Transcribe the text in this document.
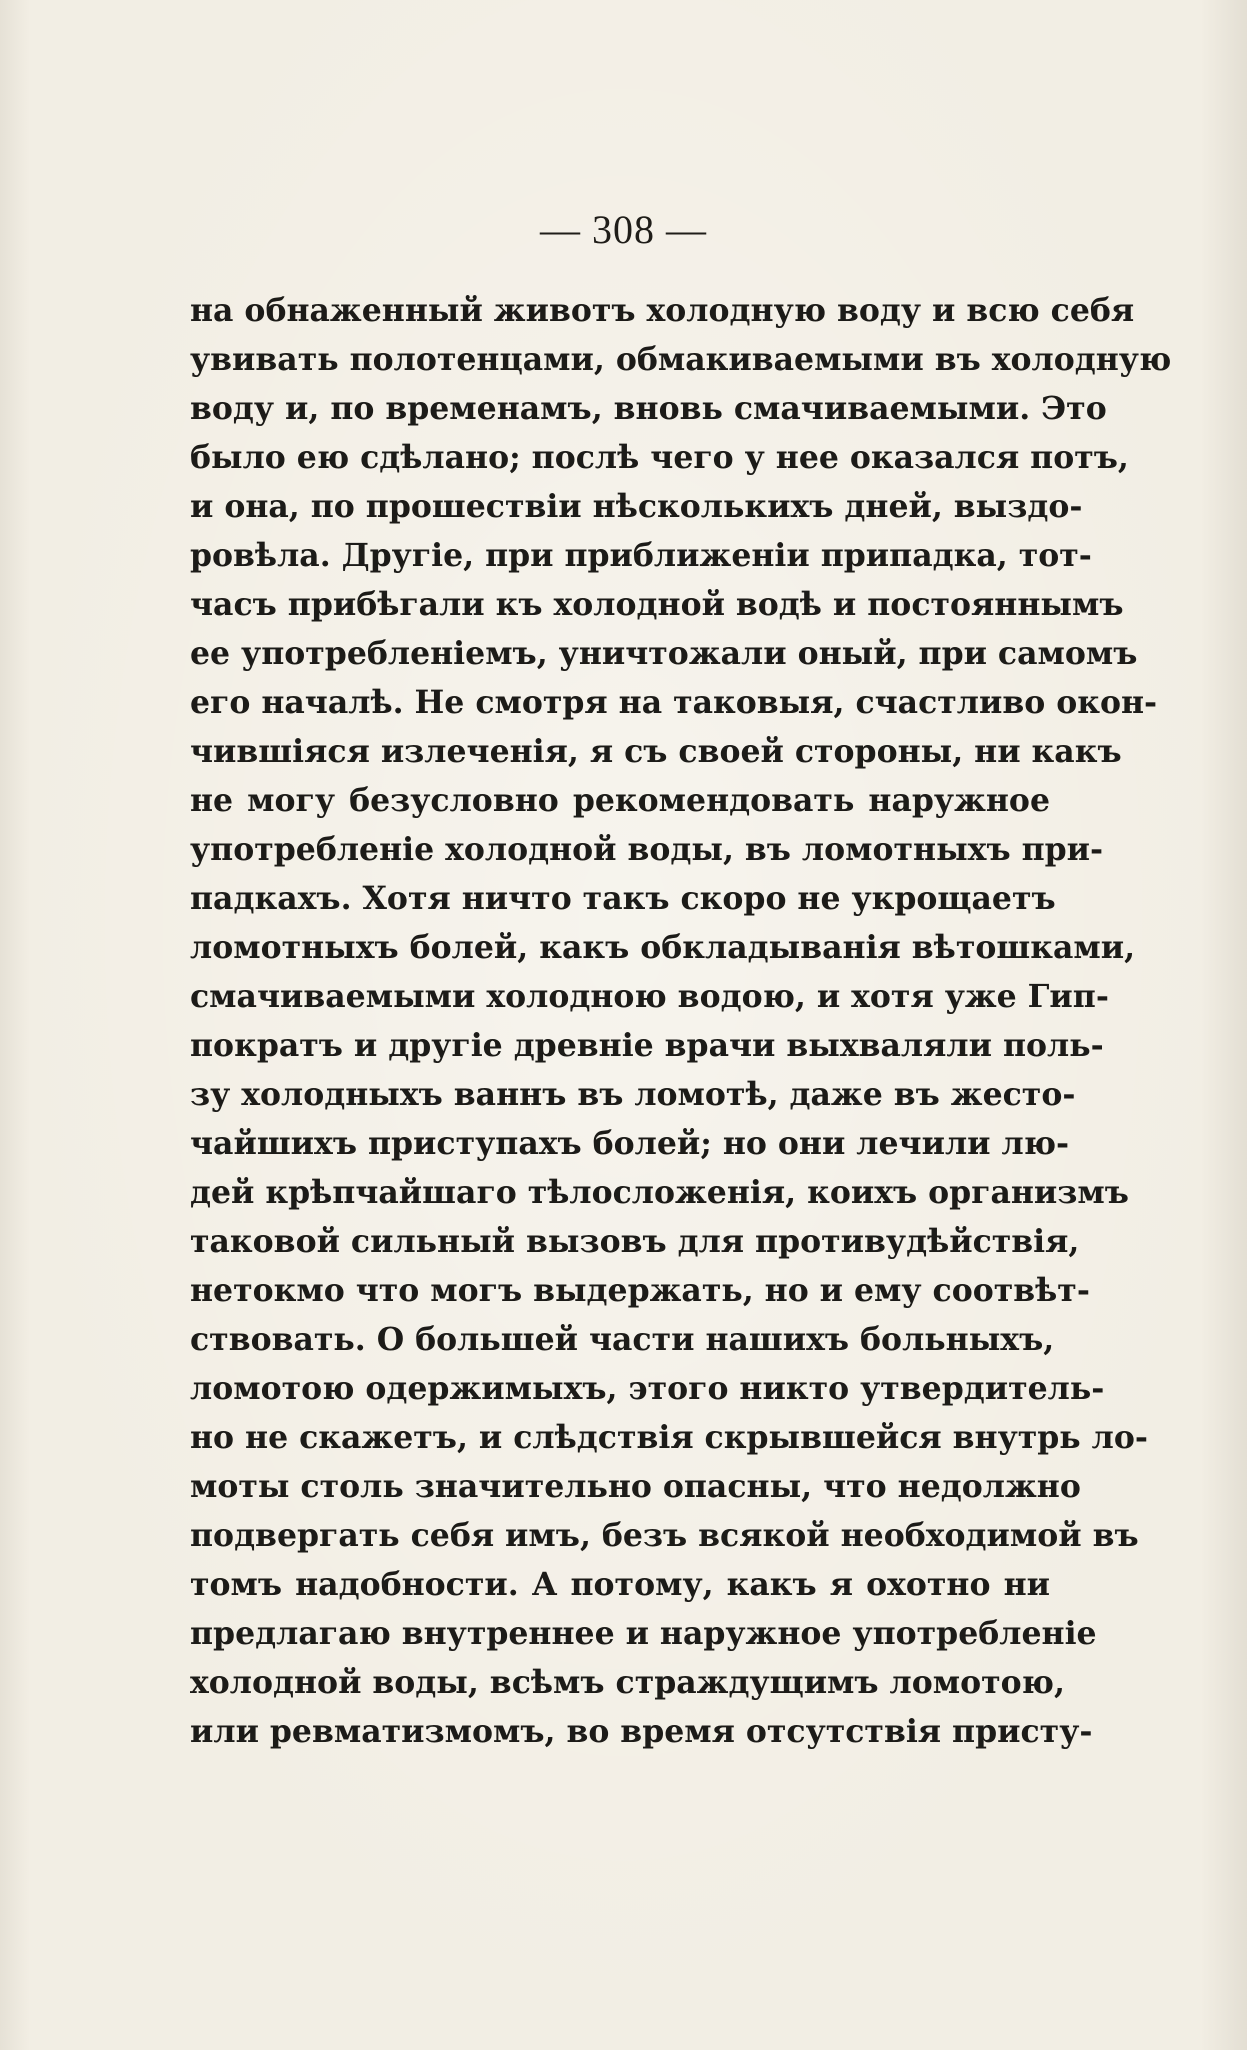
— 308 —
на обнаженный животъ холодную воду и всю себя
увивать полотенцами, обмакиваемыми въ холодную
воду и, по временамъ, вновь смачиваемыми. Это
было ею сдѣлано; послѣ чего у нее оказался потъ,
и она, по прошествіи нѣсколькихъ дней, выздо-
ровѣла. Другіе, при приближеніи припадка, тот-
часъ прибѣгали къ холодной водѣ и постояннымъ
ее употребленіемъ, уничтожали оный, при самомъ
его началѣ. Не смотря на таковыя, счастливо окон-
чившіяся излеченія, я съ своей стороны, ни какъ
не могу безусловно рекомендовать наружное
употребленіе холодной воды, въ ломотныхъ при-
падкахъ. Хотя ничто такъ скоро не укрощаетъ
ломотныхъ болей, какъ обкладыванія вѣтошками,
смачиваемыми холодною водою, и хотя уже Гип-
пократъ и другіе древніе врачи выхваляли поль-
зу холодныхъ ваннъ въ ломотѣ, даже въ жесто-
чайшихъ приступахъ болей; но они лечили лю-
дей крѣпчайшаго тѣлосложенія, коихъ организмъ
таковой сильный вызовъ для противудѣйствія,
нетокмо что могъ выдержать, но и ему соотвѣт-
ствовать. О большей части нашихъ больныхъ,
ломотою одержимыхъ, этого никто утвердитель-
но не скажетъ, и слѣдствія скрывшейся внутрь ло-
моты столь значительно опасны, что недолжно
подвергать себя имъ, безъ всякой необходимой въ
томъ надобности. А потому, какъ я охотно ни
предлагаю внутреннее и наружное употребленіе
холодной воды, всѣмъ страждущимъ ломотою,
или ревматизмомъ, во время отсутствія присту-
